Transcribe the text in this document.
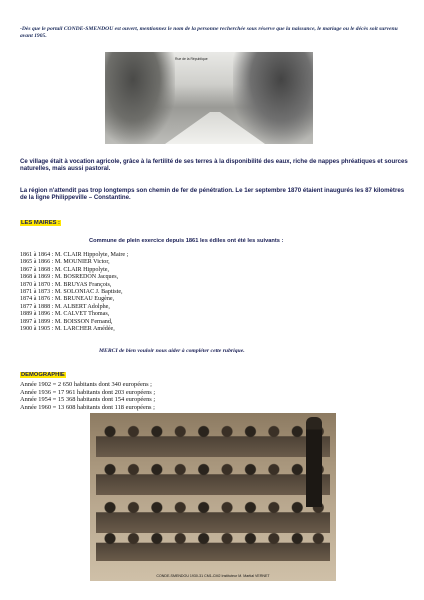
-Dès que le portail CONDE-SMENDOU est ouvert, mentionnez le nom de la personne recherchée sous réserve que la naissance, le mariage ou le décès soit survenu avant 1905.
Rue de la République
Ce village était à vocation agricole, grâce à la fertilité de ses terres à la disponibilité des eaux, riche de nappes phréatiques et sources naturelles, mais aussi pastoral.
La région n'attendit pas trop longtemps son chemin de fer de pénétration. Le 1er septembre 1870 étaient inaugurés les 87 kilomètres de la ligne Philippeville – Constantine.
LES MAIRES :
Commune de plein exercice depuis 1861 les édiles ont été les suivants :
1861 à 1864 : M. CLAIR Hippolyte, Maire ;
1865 à 1866 : M. MOUNIER Victor,
1867 à 1868 : M. CLAIR Hippolyte,
1868 à 1869 : M. BOSREDON Jacques,
1870 à 1870 : M. BRUYAS François,
1871 à 1873 : M. SOLONIAC J. Baptiste,
1874 à 1876 : M. BRUNEAU Eugène,
1877 à 1888 : M. ALBERT Adolphe,
1889 à 1896 : M. CALVET Thomas,
1897 à 1899 : M. BOISSON Fernand,
1900 à 1905 : M. LARCHER Amédée,
MERCI de bien vouloir nous aider à compléter cette rubrique.
DEMOGRAPHIE
Année 1902 = 2 650 habitants dont 340 européens ;
Année 1936 = 17 961 habitants dont 203 européens ;
Année 1954 = 15 368 habitants dont 154 européens ;
Année 1960 = 13 608 habitants dont 118 européens ;
CONDE-SMENDOU 1930-31 CM1-CM2 Instituteur M. Martial VERNET
